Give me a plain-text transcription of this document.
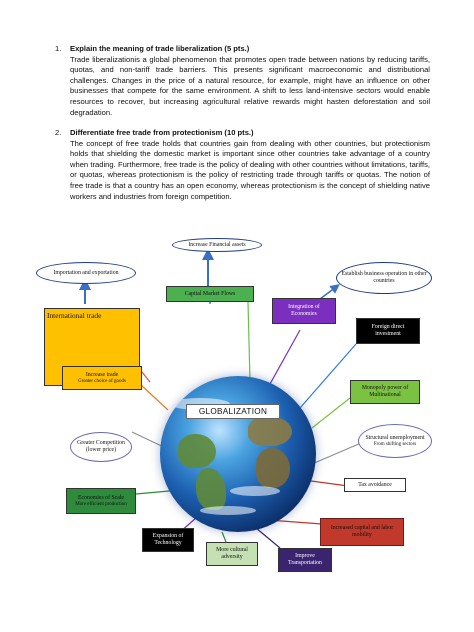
1. Explain the meaning of trade liberalization (5 pts.)
Trade liberalizationis a global phenomenon that promotes open trade between nations by reducing tariffs, quotas, and non-tariff trade barriers. This presents significant macroeconomic and distributional challenges. Changes in the price of a natural resource, for example, might have an influence on other businesses that compete for the same environment. A shift to less land-intensive sectors would enable resources to recover, but increasing agricultural relative rewards might hasten deforestation and soil degradation.
2. Differentiate free trade from protectionism (10 pts.)
The concept of free trade holds that countries gain from dealing with other countries, but protectionism holds that shielding the domestic market is important since other countries take advantage of a country when trading. Furthermore, free trade is the policy of dealing with other countries without limitations, tariffs, or quotas, whereas protectionism is the policy of restricting trade through tariffs or quotas. The notion of free trade is that a country has an open economy, whereas protectionism is the concept of shielding native workers and industries from foreign competition.
Increase Financial assets
Importation and exportation	Establish business operation in other countries
Capital Market Flows
Integration of Economies
International trade
Foreign direct investment
Increase trade
Greater choice of goods
Monopoly power of Multinational
Greater Competition (lower price)
Structural unemployment
From shifting sectors
Tax avoidance
Economies of Scale
More efficient production
Increased capital and labor mobility
Expansion of Technology
More cultural adversity	Improve Transportation
GLOBALIZATION
